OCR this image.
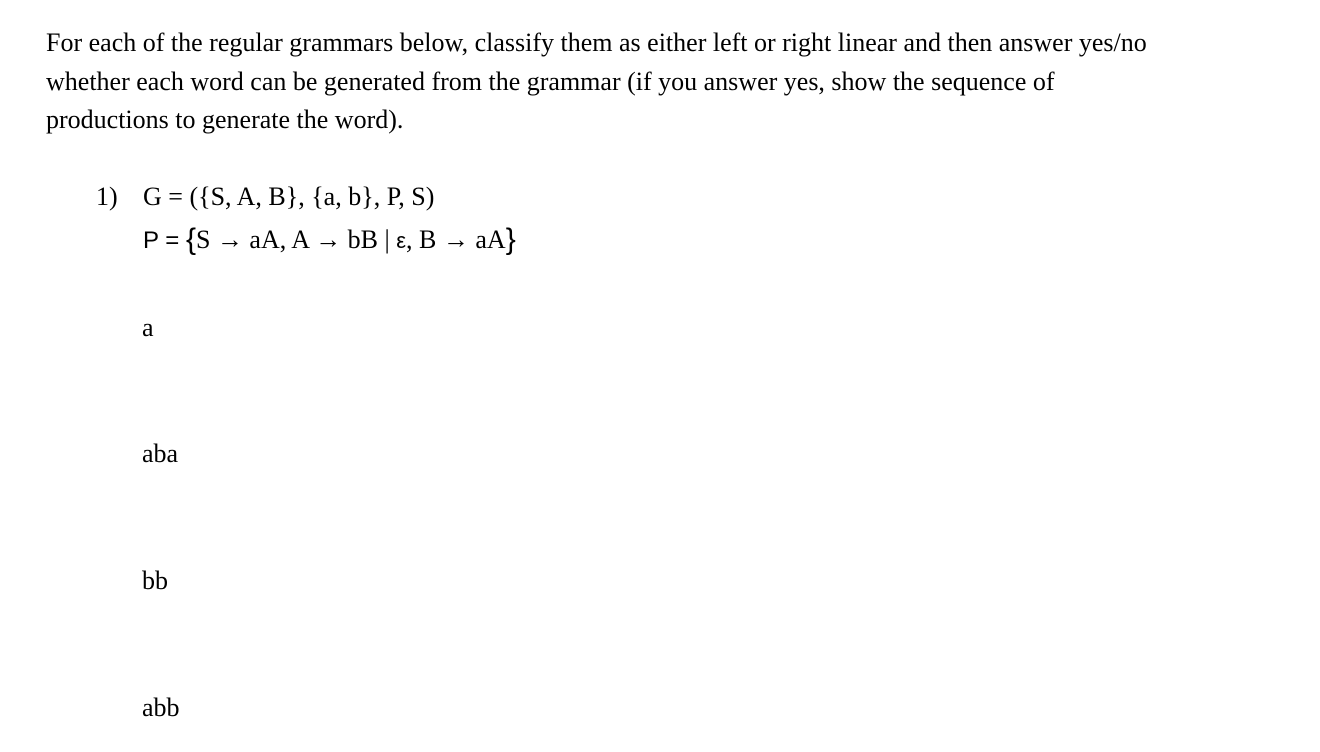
For each of the regular grammars below, classify them as either left or right linear and then answer yes/no
whether each word can be generated from the grammar (if you answer yes, show the sequence of
productions to generate the word).

1) G = ({S, A, B}, {a, b}, P, S)
P = {S → aA, A → bB | ε, B → aA}
a
aba
bb
abb
